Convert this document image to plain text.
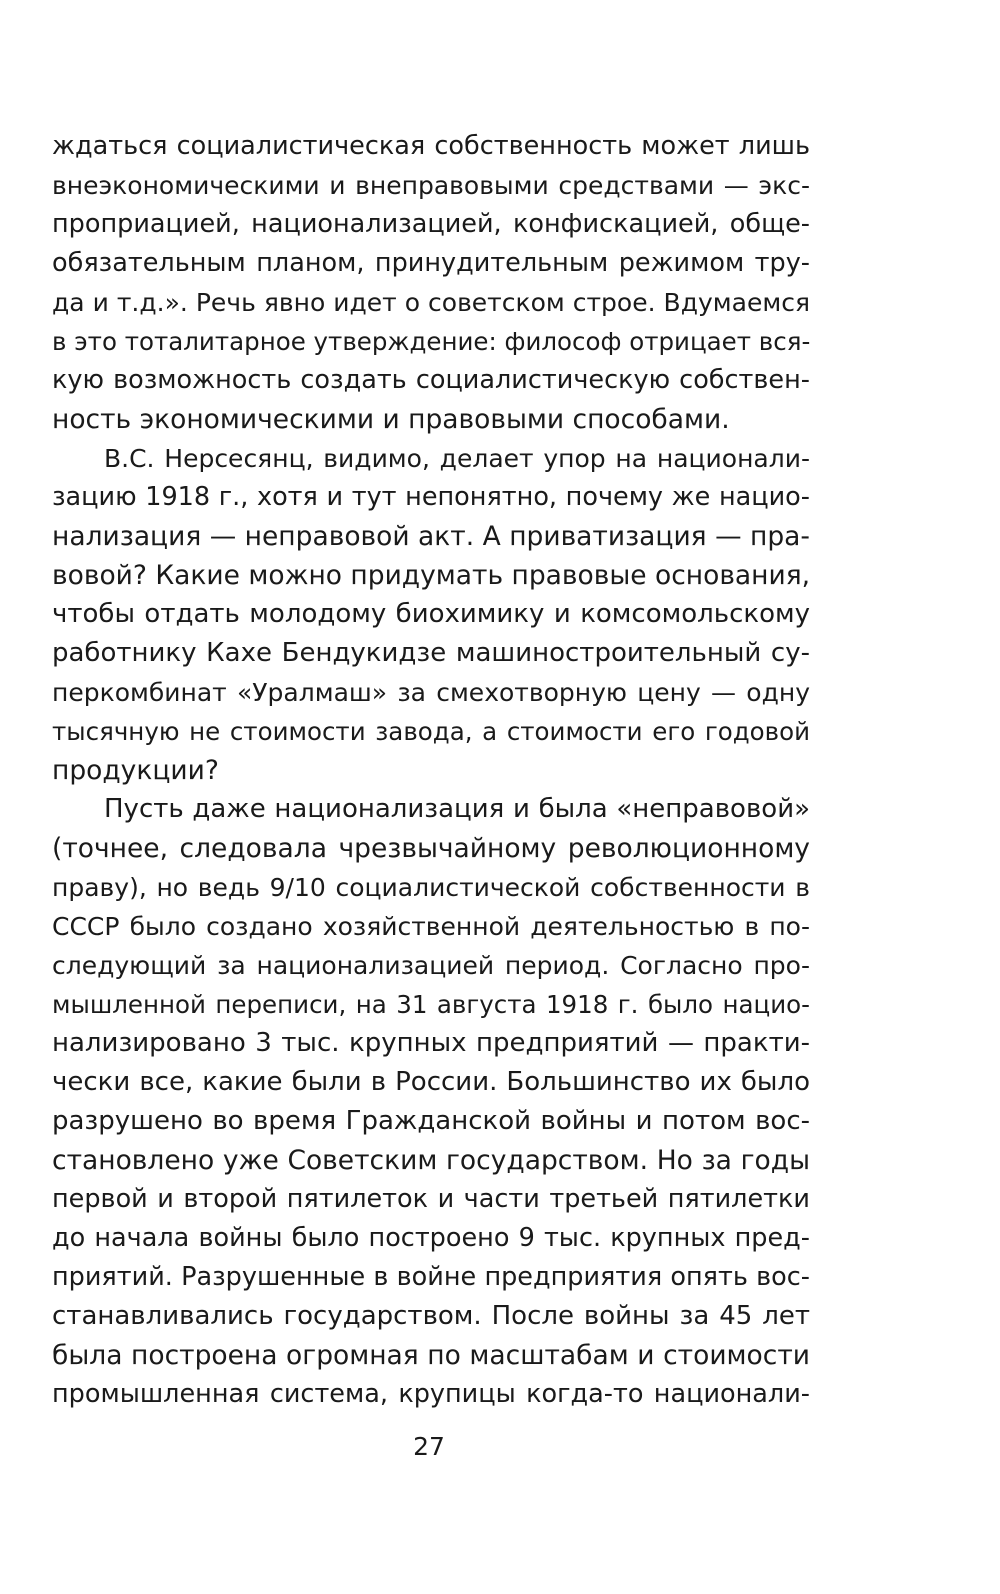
ждаться социалистическая собственность может лишь
внеэкономическими и внеправовыми средствами — экс-
проприацией, национализацией, конфискацией, обще-
обязательным планом, принудительным режимом тру-
да и т.д.». Речь явно идет о советском строе. Вдумаемся
в это тоталитарное утверждение: философ отрицает вся-
кую возможность создать социалистическую собствен-
ность экономическими и правовыми способами.
В.С. Нерсесянц, видимо, делает упор на национали-
зацию 1918 г., хотя и тут непонятно, почему же нацио-
нализация — неправовой акт. А приватизация — пра-
вовой? Какие можно придумать правовые основания,
чтобы отдать молодому биохимику и комсомольскому
работнику Кахе Бендукидзе машиностроительный су-
перкомбинат «Уралмаш» за смехотворную цену — одну
тысячную не стоимости завода, а стоимости его годовой
продукции?
Пусть даже национализация и была «неправовой»
(точнее, следовала чрезвычайному революционному
праву), но ведь 9/10 социалистической собственности в
СССР было создано хозяйственной деятельностью в по-
следующий за национализацией период. Согласно про-
мышленной переписи, на 31 августа 1918 г. было нацио-
нализировано 3 тыс. крупных предприятий — практи-
чески все, какие были в России. Большинство их было
разрушено во время Гражданской войны и потом вос-
становлено уже Советским государством. Но за годы
первой и второй пятилеток и части третьей пятилетки
до начала войны было построено 9 тыс. крупных пред-
приятий. Разрушенные в войне предприятия опять вос-
станавливались государством. После войны за 45 лет
была построена огромная по масштабам и стоимости
промышленная система, крупицы когда-то национали-
27
